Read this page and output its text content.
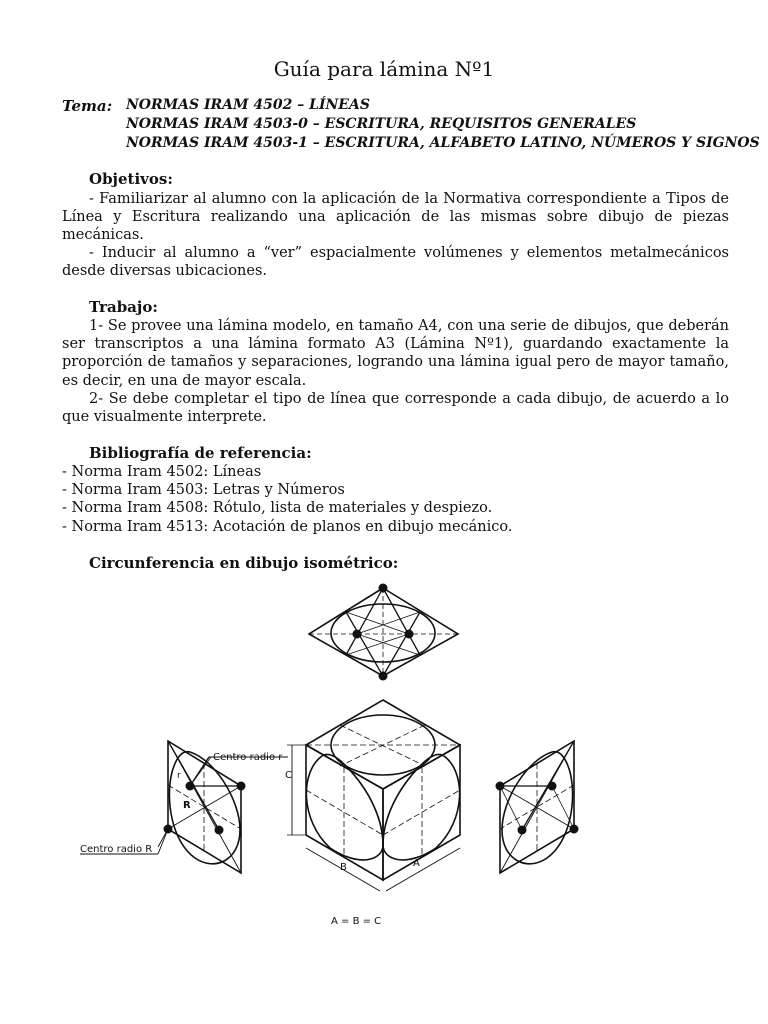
Guía para lámina Nº1
Tema: NORMAS IRAM 4502 – LÍNEAS
NORMAS IRAM 4503-0 – ESCRITURA, REQUISITOS GENERALES
NORMAS IRAM 4503-1 – ESCRITURA, ALFABETO LATINO, NÚMEROS Y SIGNOS
Objetivos:
- Familiarizar al alumno con la aplicación de la Normativa correspondiente a Tipos de Línea y Escritura realizando una aplicación de las mismas sobre dibujo de piezas mecánicas.
- Inducir al alumno a “ver” espacialmente volúmenes y elementos metalmecánicos desde diversas ubicaciones.
Trabajo:
1- Se provee una lámina modelo, en tamaño A4, con una serie de dibujos, que deberán ser transcriptos a una lámina formato A3 (Lámina Nº1), guardando exactamente la proporción de tamaños y separaciones, logrando una lámina igual pero de mayor tamaño, es decir, en una de mayor escala.
2- Se debe completar el tipo de línea que corresponde a cada dibujo, de acuerdo a lo que visualmente interprete.
Bibliografía de referencia:
- Norma Iram 4502: Líneas
- Norma Iram 4503: Letras y Números
- Norma Iram 4508: Rótulo, lista de materiales y despiezo.
- Norma Iram 4513: Acotación de planos en dibujo mecánico.
Circunferencia en dibujo isométrico:
Centro radio r
Centro radio R
R
r	C
B	A
A = B = C
